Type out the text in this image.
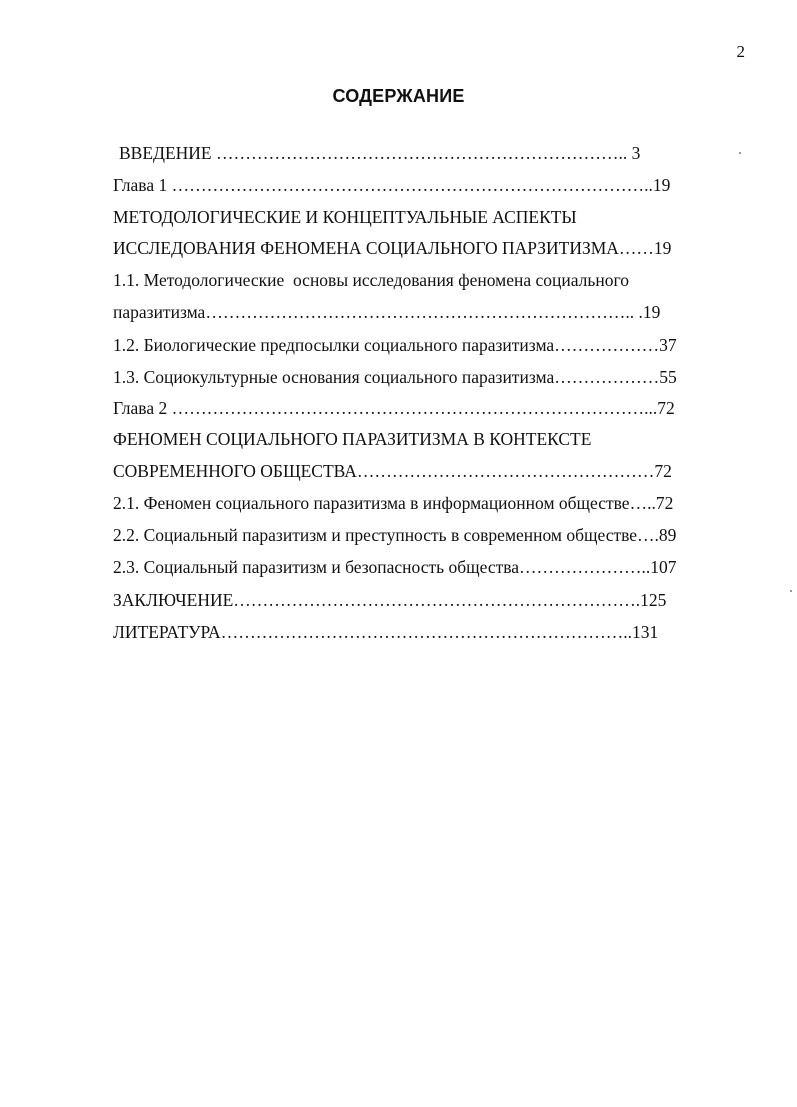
2
СОДЕРЖАНИЕ
ВВЕДЕНИЕ …………………………………………………………….. 3
Глава 1 ………………………………………………………………………..19
МЕТОДОЛОГИЧЕСКИЕ И КОНЦЕПТУАЛЬНЫЕ АСПЕКТЫ
ИССЛЕДОВАНИЯ ФЕНОМЕНА СОЦИАЛЬНОГО ПАРЗИТИЗМА……19
1.1. Методологические  основы исследования феномена социального
паразитизма……………………………………………………………….. .19
1.2. Биологические предпосылки социального паразитизма………………37
1.3. Социокультурные основания социального паразитизма………………55
Глава 2 ………………………………………………………………………...72
ФЕНОМЕН СОЦИАЛЬНОГО ПАРАЗИТИЗМА В КОНТЕКСТЕ
СОВРЕМЕННОГО ОБЩЕСТВА……………………………………………72
2.1. Феномен социального паразитизма в информационном обществе…..72
2.2. Социальный паразитизм и преступность в современном обществе….89
2.3. Социальный паразитизм и безопасность общества…………………..107
ЗАКЛЮЧЕНИЕ…………………………………………………………….125
ЛИТЕРАТУРА……………………………………………………………..131
